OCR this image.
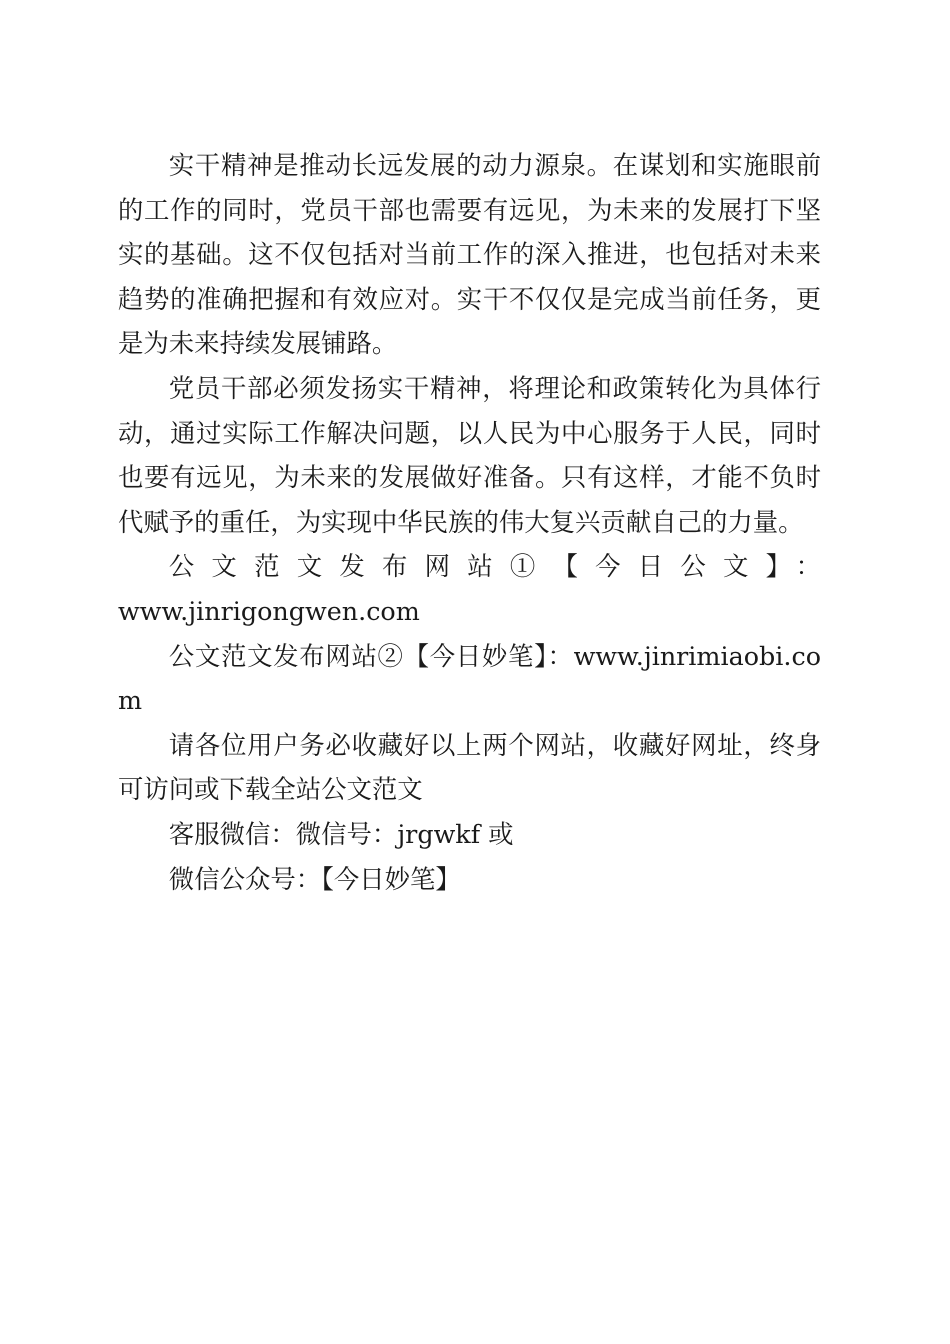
实干精神是推动长远发展的动力源泉。在谋划和实施眼前的工作的同时，党员干部也需要有远见，为未来的发展打下坚实的基础。这不仅包括对当前工作的深入推进，也包括对未来趋势的准确把握和有效应对。实干不仅仅是完成当前任务，更是为未来持续发展铺路。

党员干部必须发扬实干精神，将理论和政策转化为具体行动，通过实际工作解决问题，以人民为中心服务于人民，同时也要有远见，为未来的发展做好准备。只有这样，才能不负时代赋予的重任，为实现中华民族的伟大复兴贡献自己的力量。

公文范文发布网站①【今日公文】：

www.jinrigongwen.com

公文范文发布网站②【今日妙笔】：www.jinrimiaobi.com

请各位用户务必收藏好以上两个网站，收藏好网址，终身可访问或下载全站公文范文

客服微信：微信号：jrgwkf 或

微信公众号：【今日妙笔】
